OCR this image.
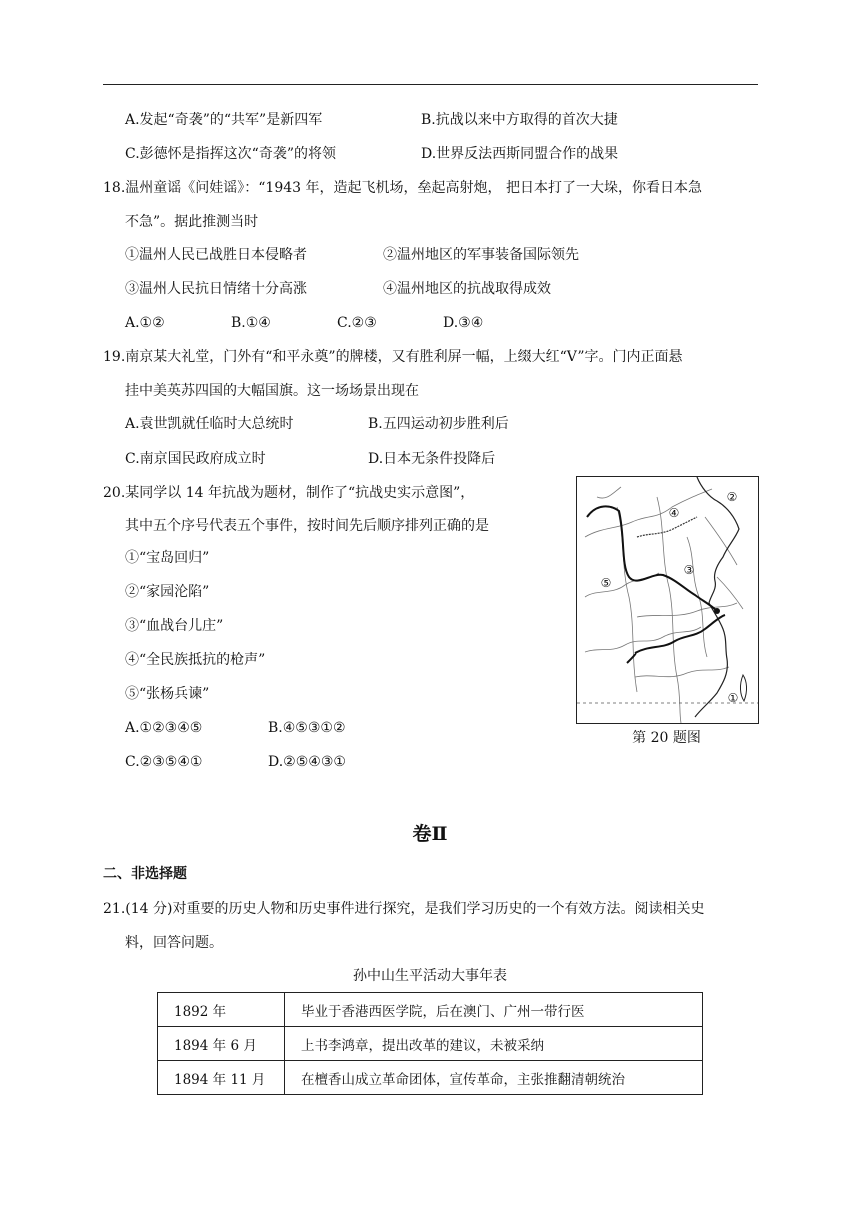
A.发起“奇袭”的“共军”是新四军	B.抗战以来中方取得的首次大捷
C.彭德怀是指挥这次“奇袭”的将领	D.世界反法西斯同盟合作的战果
18.温州童谣《问娃谣》：“1943 年，造起飞机场，垒起高射炮， 把日本打了一大垛，你看日本急
不急”。据此推测当时
①温州人民已战胜日本侵略者	②温州地区的军事装备国际领先
③温州人民抗日情绪十分高涨	④温州地区的抗战取得成效
A.①②	B.①④	C.②③	D.③④
19.南京某大礼堂，门外有“和平永奠”的牌楼，又有胜利屏一幅，上缀大红“V”字。门内正面悬
挂中美英苏四国的大幅国旗。这一场场景出现在
A.袁世凯就任临时大总统时	B.五四运动初步胜利后
C.南京国民政府成立时	D.日本无条件投降后
20.某同学以 14 年抗战为题材，制作了“抗战史实示意图”，
其中五个序号代表五个事件，按时间先后顺序排列正确的是
①“宝岛回归”
②“家园沦陷”
③“血战台儿庄”
④“全民族抵抗的枪声”
⑤“张杨兵谏”
A.①②③④⑤	B.④⑤③①②
C.②③⑤④①	D.②⑤④③①
②
④
③
⑤
①
第 20 题图
卷Ⅱ
二、非选择题
21.(14 分)对重要的历史人物和历史事件进行探究，是我们学习历史的一个有效方法。阅读相关史
料，回答问题。
孙中山生平活动大事年表
1892 年	毕业于香港西医学院，后在澳门、广州一带行医
1894 年 6 月	上书李鸿章，提出改革的建议，未被采纳
1894 年 11 月	在檀香山成立革命团体，宣传革命，主张推翻清朝统治
